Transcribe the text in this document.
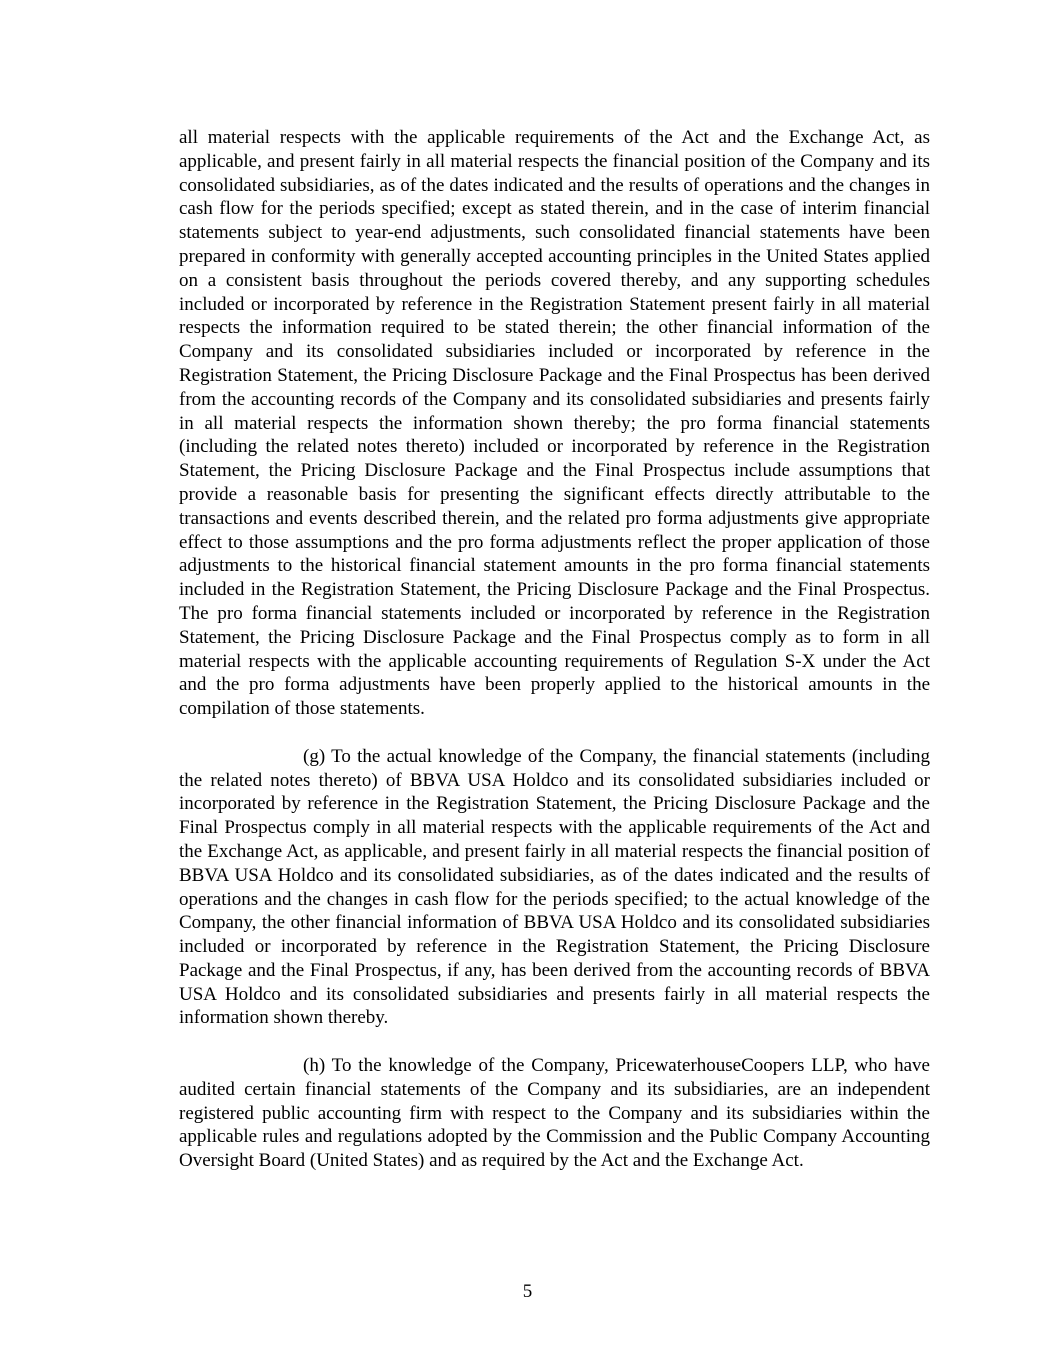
all material respects with the applicable requirements of the Act and the Exchange Act, as applicable, and present fairly in all material respects the financial position of the Company and its consolidated subsidiaries, as of the dates indicated and the results of operations and the changes in cash flow for the periods specified; except as stated therein, and in the case of interim financial statements subject to year-end adjustments, such consolidated financial statements have been prepared in conformity with generally accepted accounting principles in the United States applied on a consistent basis throughout the periods covered thereby, and any supporting schedules included or incorporated by reference in the Registration Statement present fairly in all material respects the information required to be stated therein; the other financial information of the Company and its consolidated subsidiaries included or incorporated by reference in the Registration Statement, the Pricing Disclosure Package and the Final Prospectus has been derived from the accounting records of the Company and its consolidated subsidiaries and presents fairly in all material respects the information shown thereby; the pro forma financial statements (including the related notes thereto) included or incorporated by reference in the Registration Statement, the Pricing Disclosure Package and the Final Prospectus include assumptions that provide a reasonable basis for presenting the significant effects directly attributable to the transactions and events described therein, and the related pro forma adjustments give appropriate effect to those assumptions and the pro forma adjustments reflect the proper application of those adjustments to the historical financial statement amounts in the pro forma financial statements included in the Registration Statement, the Pricing Disclosure Package and the Final Prospectus. The pro forma financial statements included or incorporated by reference in the Registration Statement, the Pricing Disclosure Package and the Final Prospectus comply as to form in all material respects with the applicable accounting requirements of Regulation S-X under the Act and the pro forma adjustments have been properly applied to the historical amounts in the compilation of those statements.

(g) To the actual knowledge of the Company, the financial statements (including the related notes thereto) of BBVA USA Holdco and its consolidated subsidiaries included or incorporated by reference in the Registration Statement, the Pricing Disclosure Package and the Final Prospectus comply in all material respects with the applicable requirements of the Act and the Exchange Act, as applicable, and present fairly in all material respects the financial position of BBVA USA Holdco and its consolidated subsidiaries, as of the dates indicated and the results of operations and the changes in cash flow for the periods specified; to the actual knowledge of the Company, the other financial information of BBVA USA Holdco and its consolidated subsidiaries included or incorporated by reference in the Registration Statement, the Pricing Disclosure Package and the Final Prospectus, if any, has been derived from the accounting records of BBVA USA Holdco and its consolidated subsidiaries and presents fairly in all material respects the information shown thereby.

(h) To the knowledge of the Company, PricewaterhouseCoopers LLP, who have audited certain financial statements of the Company and its subsidiaries, are an independent registered public accounting firm with respect to the Company and its subsidiaries within the applicable rules and regulations adopted by the Commission and the Public Company Accounting Oversight Board (United States) and as required by the Act and the Exchange Act.

5
